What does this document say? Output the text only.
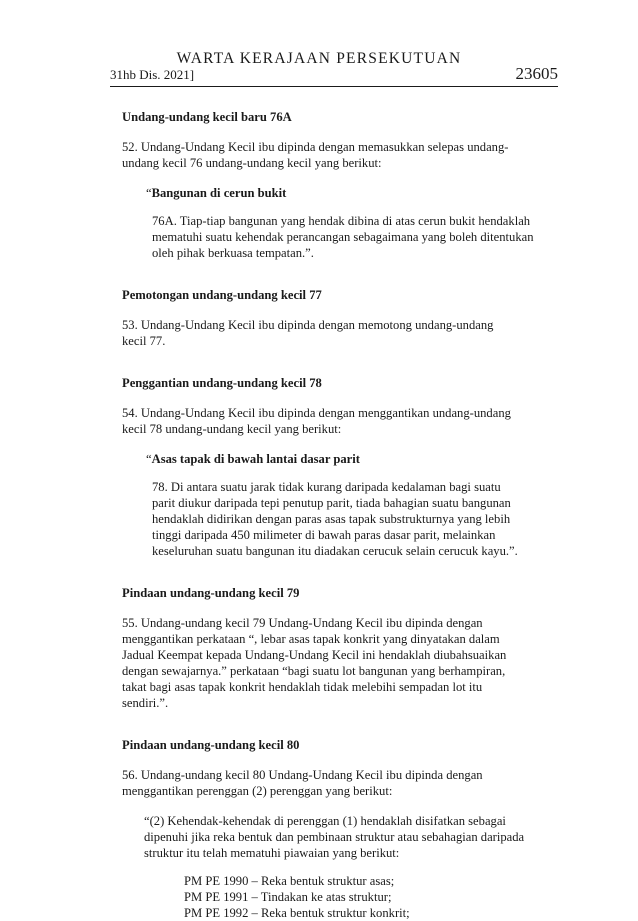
WARTA KERAJAAN PERSEKUTUAN
31hb Dis. 2021]	23605
Undang-undang kecil baru 76A
52. Undang-Undang Kecil ibu dipinda dengan memasukkan selepas undang-
undang kecil 76 undang-undang kecil yang berikut:
“Bangunan di cerun bukit
76A. Tiap-tiap bangunan yang hendak dibina di atas cerun bukit hendaklah
mematuhi suatu kehendak perancangan sebagaimana yang boleh ditentukan
oleh pihak berkuasa tempatan.”.
Pemotongan undang-undang kecil 77
53. Undang-Undang Kecil ibu dipinda dengan memotong undang-undang
kecil 77.
Penggantian undang-undang kecil 78
54. Undang-Undang Kecil ibu dipinda dengan menggantikan undang-undang
kecil 78 undang-undang kecil yang berikut:
“Asas tapak di bawah lantai dasar parit
78. Di antara suatu jarak tidak kurang daripada kedalaman bagi suatu
parit diukur daripada tepi penutup parit, tiada bahagian suatu bangunan
hendaklah didirikan dengan paras asas tapak substrukturnya yang lebih
tinggi daripada 450 milimeter di bawah paras dasar parit, melainkan
keseluruhan suatu bangunan itu diadakan cerucuk selain cerucuk kayu.”.
Pindaan undang-undang kecil 79
55. Undang-undang kecil 79 Undang-Undang Kecil ibu dipinda dengan
menggantikan perkataan “, lebar asas tapak konkrit yang dinyatakan dalam
Jadual Keempat kepada Undang-Undang Kecil ini hendaklah diubahsuaikan
dengan sewajarnya.” perkataan “bagi suatu lot bangunan yang berhampiran,
takat bagi asas tapak konkrit hendaklah tidak melebihi sempadan lot itu
sendiri.”.
Pindaan undang-undang kecil 80
56. Undang-undang kecil 80 Undang-Undang Kecil ibu dipinda dengan
menggantikan perenggan (2) perenggan yang berikut:
“(2) Kehendak-kehendak di perenggan (1) hendaklah disifatkan sebagai
dipenuhi jika reka bentuk dan pembinaan struktur atau sebahagian daripada
struktur itu telah mematuhi piawaian yang berikut:
PM PE 1990 – Reka bentuk struktur asas;
PM PE 1991 – Tindakan ke atas struktur;
PM PE 1992 – Reka bentuk struktur konkrit;
